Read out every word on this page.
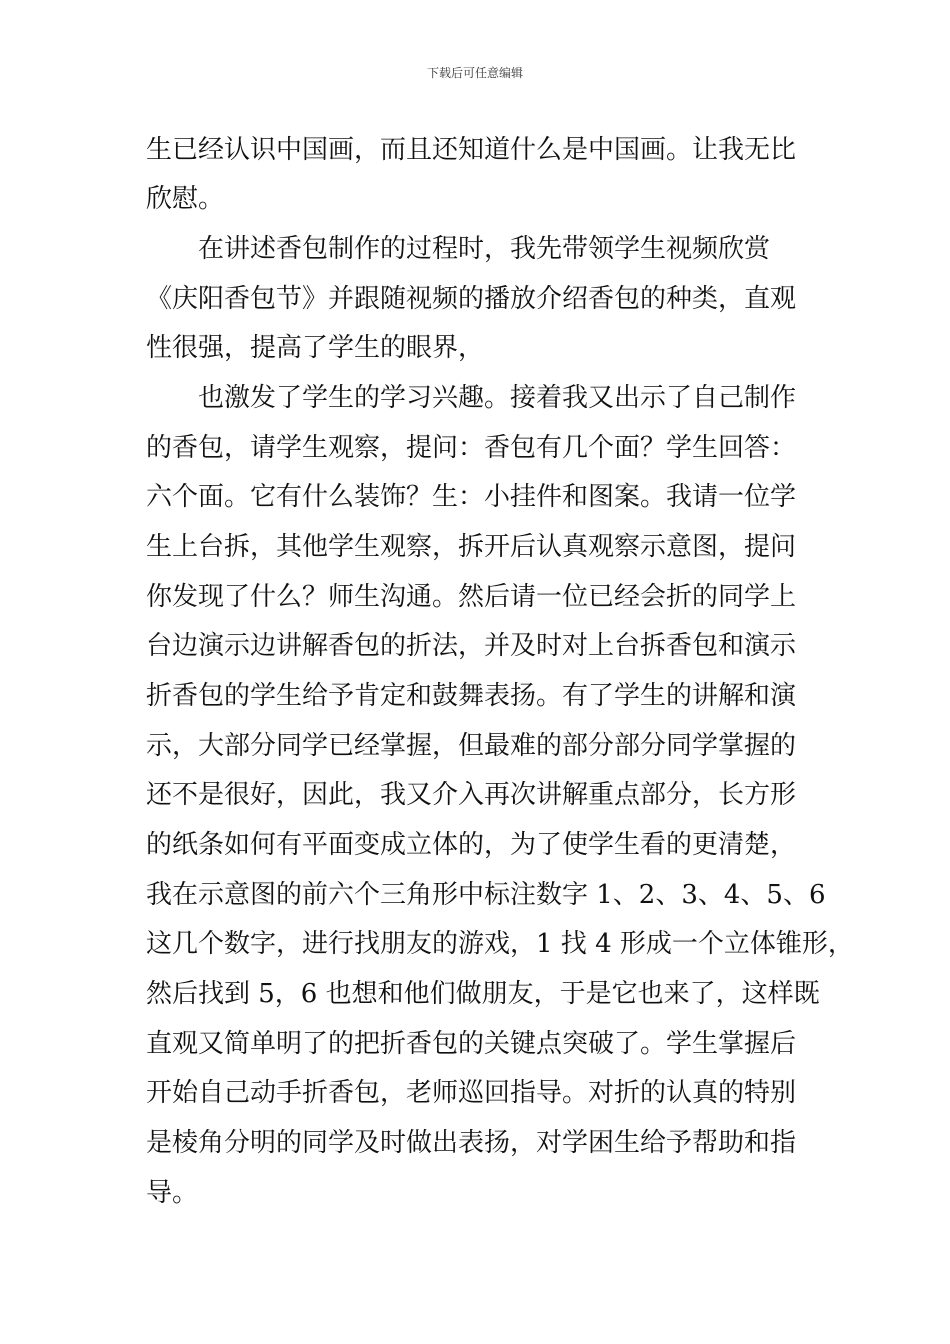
下载后可任意编辑
生已经认识中国画，而且还知道什么是中国画。让我无比
欣慰。
在讲述香包制作的过程时，我先带领学生视频欣赏
《庆阳香包节》并跟随视频的播放介绍香包的种类，直观
性很强，提高了学生的眼界，
也激发了学生的学习兴趣。接着我又出示了自己制作
的香包，请学生观察，提问：香包有几个面？学生回答：
六个面。它有什么装饰？生：小挂件和图案。我请一位学
生上台拆，其他学生观察，拆开后认真观察示意图，提问
你发现了什么？师生沟通。然后请一位已经会折的同学上
台边演示边讲解香包的折法，并及时对上台拆香包和演示
折香包的学生给予肯定和鼓舞表扬。有了学生的讲解和演
示，大部分同学已经掌握，但最难的部分部分同学掌握的
还不是很好，因此，我又介入再次讲解重点部分，长方形
的纸条如何有平面变成立体的，为了使学生看的更清楚，
我在示意图的前六个三角形中标注数字 1、2、3、4、5、6
这几个数字，进行找朋友的游戏，1 找 4 形成一个立体锥形，
然后找到 5，6 也想和他们做朋友，于是它也来了，这样既
直观又简单明了的把折香包的关键点突破了。学生掌握后
开始自己动手折香包，老师巡回指导。对折的认真的特别
是棱角分明的同学及时做出表扬，对学困生给予帮助和指
导。
